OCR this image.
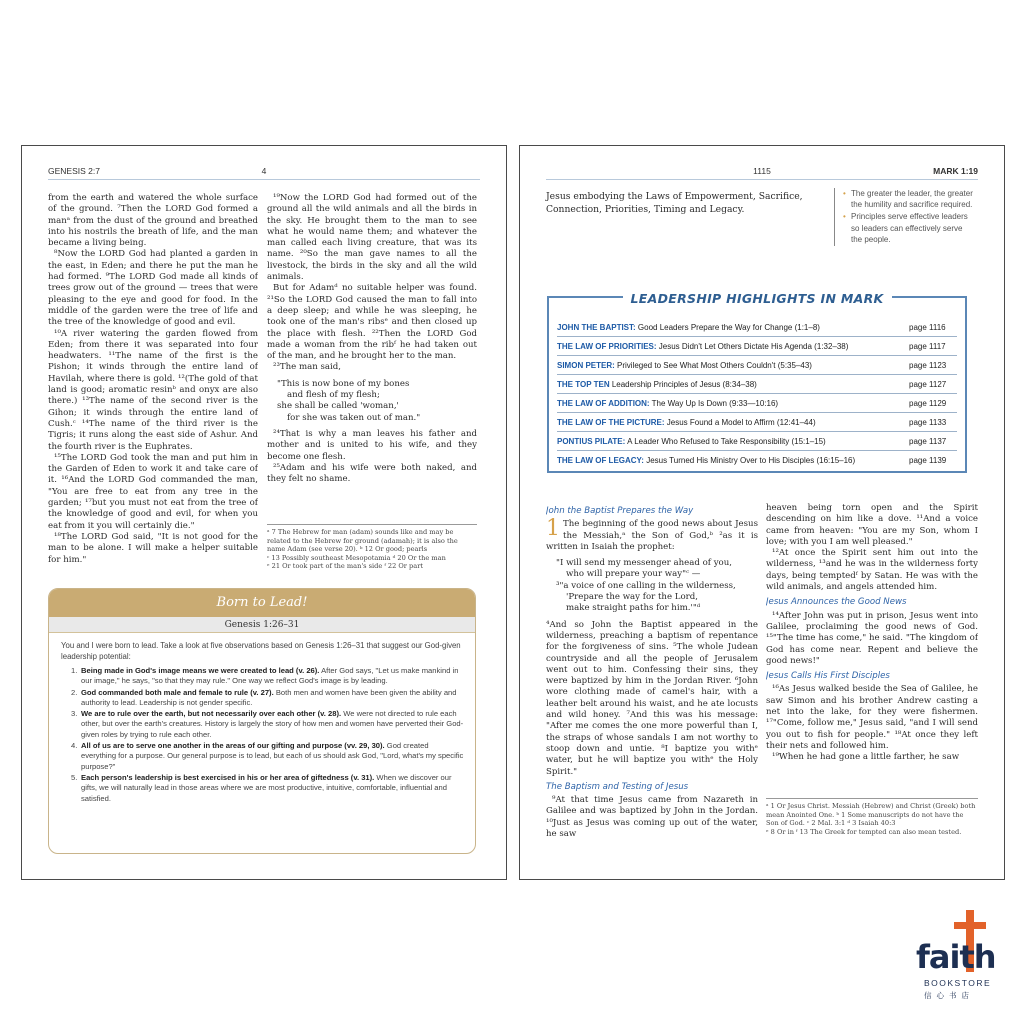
GENESIS 2:7	4

from the earth and watered the whole surface of the ground. ⁷Then the LORD God formed a manᵃ from the dust of the ground and breathed into his nostrils the breath of life, and the man became a living being.

⁸Now the LORD God had planted a garden in the east, in Eden; and there he put the man he had formed. ⁹The LORD God made all kinds of trees grow out of the ground — trees that were pleasing to the eye and good for food. In the middle of the garden were the tree of life and the tree of the knowledge of good and evil.

¹⁰A river watering the garden flowed from Eden; from there it was separated into four headwaters. ¹¹The name of the first is the Pishon; it winds through the entire land of Havilah, where there is gold. ¹²(The gold of that land is good; aromatic resinᵇ and onyx are also there.) ¹³The name of the second river is the Gihon; it winds through the entire land of Cush.ᶜ ¹⁴The name of the third river is the Tigris; it runs along the east side of Ashur. And the fourth river is the Euphrates.

¹⁵The LORD God took the man and put him in the Garden of Eden to work it and take care of it. ¹⁶And the LORD God commanded the man, "You are free to eat from any tree in the garden; ¹⁷but you must not eat from the tree of the knowledge of good and evil, for when you eat from it you will certainly die."

¹⁸The LORD God said, "It is not good for the man to be alone. I will make a helper suitable for him."

¹⁹Now the LORD God had formed out of the ground all the wild animals and all the birds in the sky. He brought them to the man to see what he would name them; and whatever the man called each living creature, that was its name. ²⁰So the man gave names to all the livestock, the birds in the sky and all the wild animals.

But for Adamᵈ no suitable helper was found. ²¹So the LORD God caused the man to fall into a deep sleep; and while he was sleeping, he took one of the man's ribsᵉ and then closed up the place with flesh. ²²Then the LORD God made a woman from the ribᶠ he had taken out of the man, and he brought her to the man.

²³The man said,

"This is now bone of my bones
and flesh of my flesh;
she shall be called 'woman,'
for she was taken out of man."

²⁴That is why a man leaves his father and mother and is united to his wife, and they become one flesh.

²⁵Adam and his wife were both naked, and they felt no shame.

ᵃ 7 The Hebrew for man (adam) sounds like and may be related to the Hebrew for ground (adamah); it is also the name Adam (see verse 20). ᵇ 12 Or good; pearls
ᶜ 13 Possibly southeast Mesopotamia ᵈ 20 Or the man
ᵉ 21 Or took part of the man's side ᶠ 22 Or part
Born to Lead!
Genesis 1:26–31
You and I were born to lead. Take a look at five observations based on Genesis 1:26–31 that suggest our God-given leadership potential:
1. Being made in God's image means we were created to lead (v. 26). After God says, "Let us make mankind in our image," he says, "so that they may rule." One way we reflect God's image is by leading.
2. God commanded both male and female to rule (v. 27). Both men and women have been given the ability and authority to lead. Leadership is not gender specific.
3. We are to rule over the earth, but not necessarily over each other (v. 28). We were not directed to rule each other, but over the earth's creatures. History is largely the story of how men and women have perverted their God-given roles by trying to rule each other.
4. All of us are to serve one another in the areas of our gifting and purpose (vv. 29, 30). God created everything for a purpose. Our general purpose is to lead, but each of us should ask God, "Lord, what's my specific purpose?"
5. Each person's leadership is best exercised in his or her area of giftedness (v. 31). When we discover our gifts, we will naturally lead in those areas where we are most productive, intuitive, comfortable, influential and satisfied.
1115	MARK 1:19
Jesus embodying the Laws of Empowerment, Sacrifice, Connection, Priorities, Timing and Legacy.
• The greater the leader, the greater the humility and sacrifice required.
• Principles serve effective leaders so leaders can effectively serve the people.
LEADERSHIP HIGHLIGHTS IN MARK
JOHN THE BAPTIST: Good Leaders Prepare the Way for Change (1:1–8)	page 1116
THE LAW OF PRIORITIES: Jesus Didn't Let Others Dictate His Agenda (1:32–38)	page 1117
SIMON PETER: Privileged to See What Most Others Couldn't (5:35–43)	page 1123
THE TOP TEN Leadership Principles of Jesus (8:34–38)	page 1127
THE LAW OF ADDITION: The Way Up Is Down (9:33—10:16)	page 1129
THE LAW OF THE PICTURE: Jesus Found a Model to Affirm (12:41–44)	page 1133
PONTIUS PILATE: A Leader Who Refused to Take Responsibility (15:1–15)	page 1137
THE LAW OF LEGACY: Jesus Turned His Ministry Over to His Disciples (16:15–16)	page 1139
John the Baptist Prepares the Way

1 The beginning of the good news about Jesus the Messiah,ᵃ the Son of God,ᵇ ²as it is written in Isaiah the prophet:

"I will send my messenger ahead of you,
who will prepare your way"ᶜ —
³"a voice of one calling in the wilderness,
'Prepare the way for the Lord,
make straight paths for him.'"ᵈ

⁴And so John the Baptist appeared in the wilderness, preaching a baptism of repentance for the forgiveness of sins. ⁵The whole Judean countryside and all the people of Jerusalem went out to him. Confessing their sins, they were baptized by him in the Jordan River. ⁶John wore clothing made of camel's hair, with a leather belt around his waist, and he ate locusts and wild honey. ⁷And this was his message: "After me comes the one more powerful than I, the straps of whose sandals I am not worthy to stoop down and untie. ⁸I baptize you withᵉ water, but he will baptize you withᵉ the Holy Spirit."

The Baptism and Testing of Jesus

⁹At that time Jesus came from Nazareth in Galilee and was baptized by John in the Jordan. ¹⁰Just as Jesus was coming up out of the water, he saw

heaven being torn open and the Spirit descending on him like a dove. ¹¹And a voice came from heaven: "You are my Son, whom I love; with you I am well pleased."

¹²At once the Spirit sent him out into the wilderness, ¹³and he was in the wilderness forty days, being temptedᶠ by Satan. He was with the wild animals, and angels attended him.

Jesus Announces the Good News

¹⁴After John was put in prison, Jesus went into Galilee, proclaiming the good news of God. ¹⁵"The time has come," he said. "The kingdom of God has come near. Repent and believe the good news!"

Jesus Calls His First Disciples

¹⁶As Jesus walked beside the Sea of Galilee, he saw Simon and his brother Andrew casting a net into the lake, for they were fishermen. ¹⁷"Come, follow me," Jesus said, "and I will send you out to fish for people." ¹⁸At once they left their nets and followed him.

¹⁹When he had gone a little farther, he saw

ᵃ 1 Or Jesus Christ. Messiah (Hebrew) and Christ (Greek) both mean Anointed One. ᵇ 1 Some manuscripts do not have the Son of God. ᶜ 2 Mal. 3:1 ᵈ 3 Isaiah 40:3
ᵉ 8 Or in ᶠ 13 The Greek for tempted can also mean tested.
faith
BOOKSTORE
信心书店
